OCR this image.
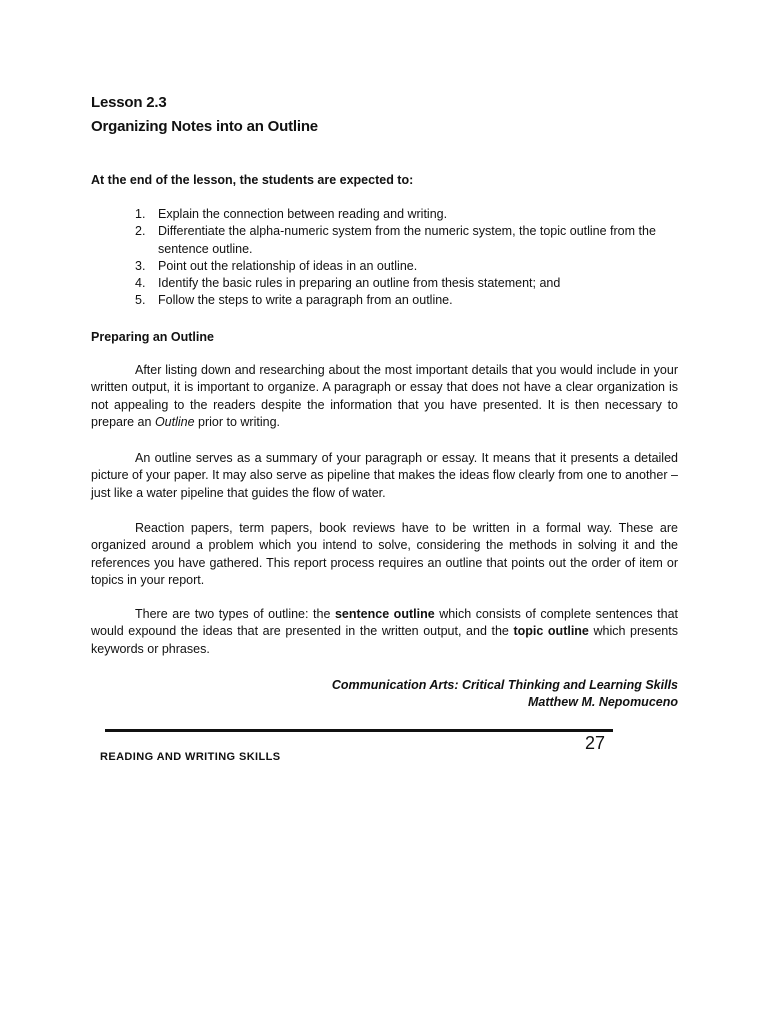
Lesson 2.3
Organizing Notes into an Outline
At the end of the lesson, the students are expected to:
1. Explain the connection between reading and writing.
2. Differentiate the alpha-numeric system from the numeric system, the topic outline from the sentence outline.
3. Point out the relationship of ideas in an outline.
4. Identify the basic rules in preparing an outline from thesis statement; and
5. Follow the steps to write a paragraph from an outline.
Preparing an Outline

After listing down and researching about the most important details that you would include in your written output, it is important to organize. A paragraph or essay that does not have a clear organization is not appealing to the readers despite the information that you have presented. It is then necessary to prepare an Outline prior to writing.

An outline serves as a summary of your paragraph or essay. It means that it presents a detailed picture of your paper. It may also serve as pipeline that makes the ideas flow clearly from one to another – just like a water pipeline that guides the flow of water.

Reaction papers, term papers, book reviews have to be written in a formal way. These are organized around a problem which you intend to solve, considering the methods in solving it and the references you have gathered. This report process requires an outline that points out the order of item or topics in your report.

There are two types of outline: the sentence outline which consists of complete sentences that would expound the ideas that are presented in the written output, and the topic outline which presents keywords or phrases.

Communication Arts: Critical Thinking and Learning Skills
Matthew M. Nepomuceno
27
READING AND WRITING SKILLS
